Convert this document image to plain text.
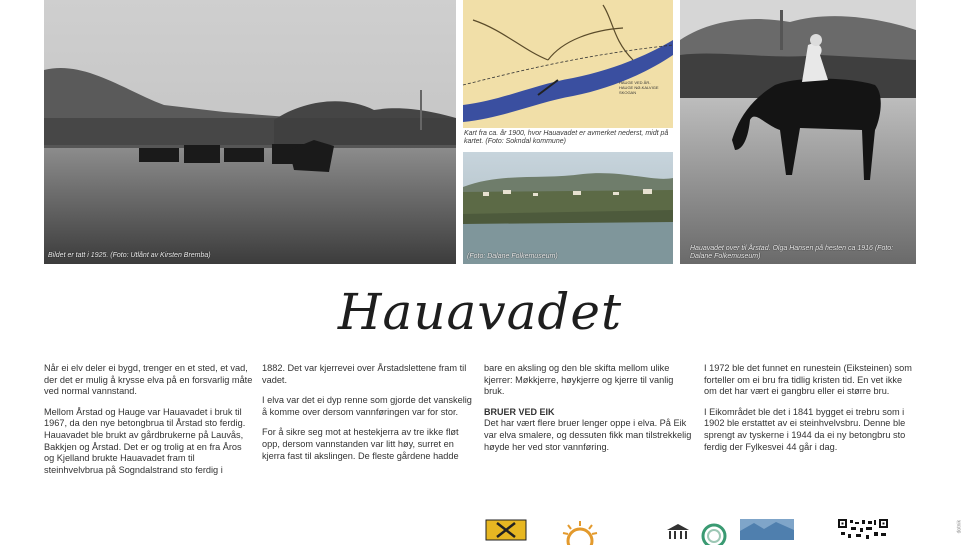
Bildet er tatt i 1925. (Foto: Utlånt av Kirsten Bremba)
HAUGE VED ÅR- HAUGE NØ-KALVIGE SKOGAN
Kart fra ca. år 1900, hvor Hauavadet er avmerket nederst, midt på kartet. (Foto: Sokndal kommune)
(Foto: Dalane Folkemuseum)
Hauavadet over til Årstad. Olga Hansen på hesten ca 1916 (Foto: Dalane Folkemuseum)
Hauavadet

Når ei elv deler ei bygd, trenger en et sted, et vad, der det er mulig å krysse elva på en forsvarlig måte ved normal vannstand.

Mellom Årstad og Hauge var Hauavadet i bruk til 1967, da den nye betongbrua til Årstad sto ferdig. Hauavadet ble brukt av gårdbrukerne på Lauvås, Bakkjen og Årstad. Det er og trolig at en fra Åros og Kjelland brukte Hauavadet fram til steinhvelvbrua på Sogndalstrand sto ferdig i

1882. Det var kjerrevei over Årstadslettene fram til vadet.

I elva var det ei dyp renne som gjorde det vanskelig å komme over dersom vannføringen var for stor.

For å sikre seg mot at hestekjerra av tre ikke fløt opp, dersom vannstanden var litt høy, surret en kjerra fast til akslingen. De fleste gårdene hadde

bare en aksling og den ble skifta mellom ulike kjerrer: Møkkjerre, høykjerre og kjerre til vanlig bruk.

BRUER VED EIK

Det har vært flere bruer lenger oppe i elva. På Eik var elva smalere, og dessuten fikk man tilstrekkelig høyde her ved stor vannføring.

I 1972 ble det funnet en runestein (Eiksteinen) som forteller om ei bru fra tidlig kristen tid. En vet ikke om det har vært ei gangbru eller ei større bru.

I Eikområdet ble det i 1841 bygget ei trebru som i 1902 ble erstattet av ei steinhvelvsbru. Denne ble sprengt av tyskerne i 1944 da ei ny betongbru sto ferdig der Fylkesvei 44 går i dag.

dotnik
